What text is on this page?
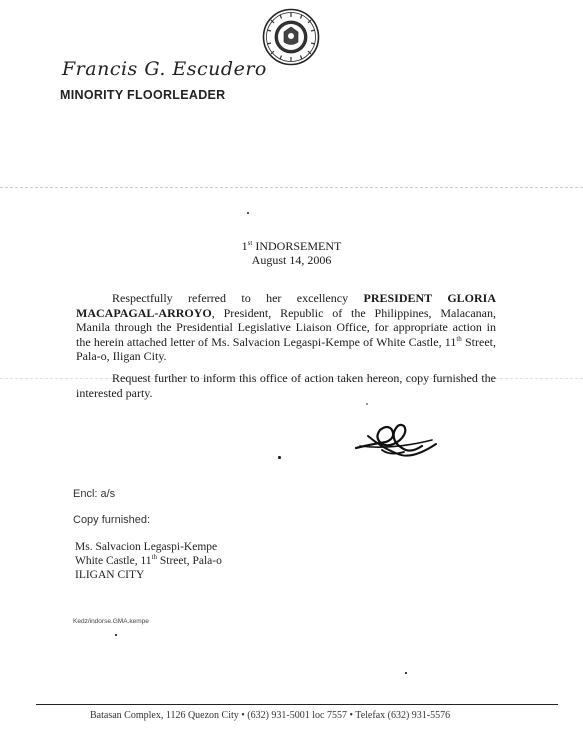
Francis G. Escudero
MINORITY FLOORLEADER
1st INDORSEMENT
August 14, 2006
Respectfully referred to her excellency PRESIDENT GLORIA MACAPAGAL-ARROYO, President, Republic of the Philippines, Malacanan, Manila through the Presidential Legislative Liaison Office, for appropriate action in the herein attached letter of Ms. Salvacion Legaspi-Kempe of White Castle, 11th Street, Pala-o, Iligan City.
Request further to inform this office of action taken hereon, copy furnished the interested party.
Encl: a/s
Copy furnished:
Ms. Salvacion Legaspi-Kempe
White Castle, 11th Street, Pala-o
ILIGAN CITY
Kedz/indorse.GMA.kempe
Batasan Complex, 1126 Quezon City • (632) 931-5001 loc 7557 • Telefax (632) 931-5576
